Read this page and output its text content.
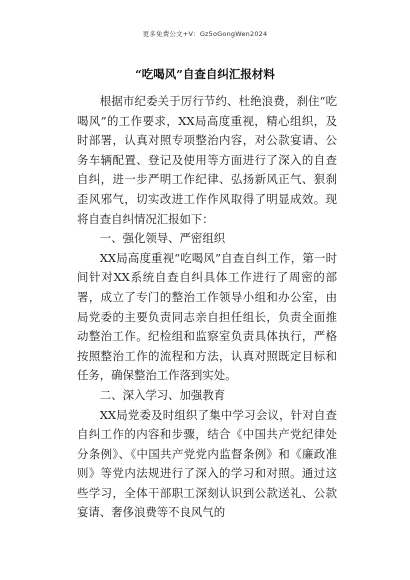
更多免费公文+V：Gz5oGongWen2024
“吃喝风”自查自纠汇报材料

根据市纪委关于厉行节约、杜绝浪费，刹住“吃喝风”的工作要求，XX局高度重视，精心组织，及时部署，认真对照专项整治内容，对公款宴请、公务车辆配置、登记及使用等方面进行了深入的自查自纠，进一步严明工作纪律、弘扬新风正气、狠刹歪风邪气，切实改进工作作风取得了明显成效。现将自查自纠情况汇报如下：

一、强化领导、严密组织

XX局高度重视“吃喝风”自查自纠工作，第一时间针对XX系统自查自纠具体工作进行了周密的部署，成立了专门的整治工作领导小组和办公室，由局党委的主要负责同志亲自担任组长，负责全面推动整治工作。纪检组和监察室负责具体执行，严格按照整治工作的流程和方法，认真对照既定目标和任务，确保整治工作落到实处。

二、深入学习、加强教育

XX局党委及时组织了集中学习会议，针对自查自纠工作的内容和步骤，结合《中国共产党纪律处分条例》、《中国共产党党内监督条例》和《廉政准则》等党内法规进行了深入的学习和对照。通过这些学习，全体干部职工深刻认识到公款送礼、公款宴请、奢侈浪费等不良风气的
